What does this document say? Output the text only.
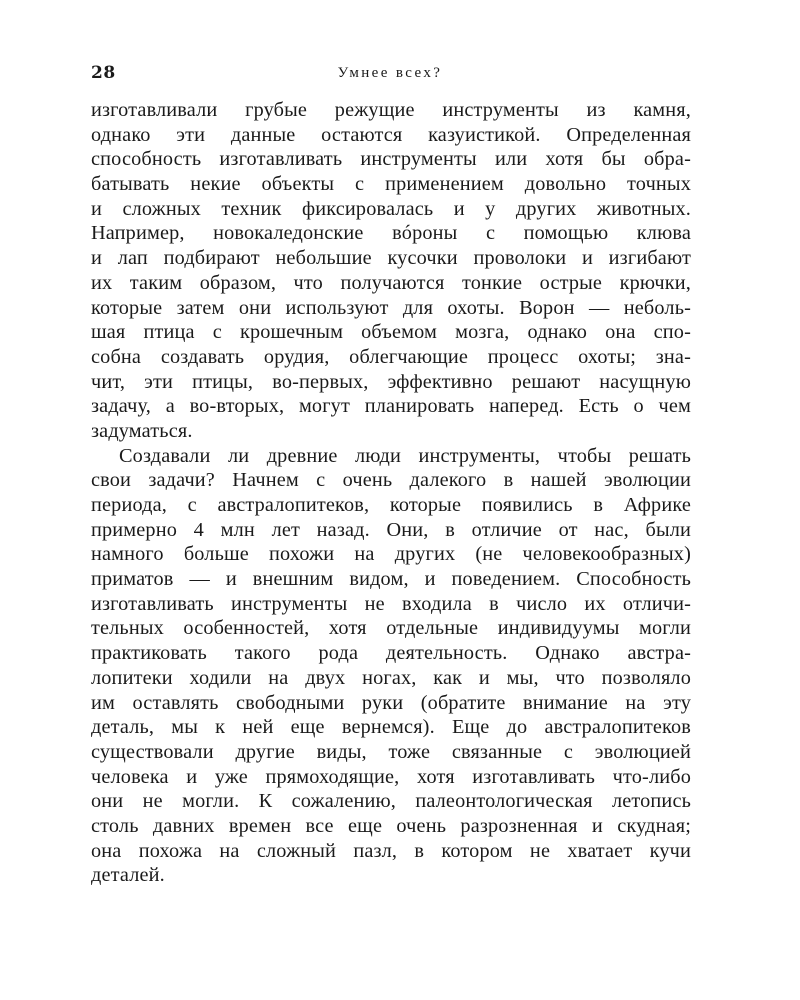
28	Умнее всех?
изготавливали грубые режущие инструменты из камня,
однако эти данные остаются казуистикой. Определенная
способность изготавливать инструменты или хотя бы обра-
батывать некие объекты с применением довольно точных
и сложных техник фиксировалась и у других животных.
Например, новокаледонские вóроны с помощью клюва
и лап подбирают небольшие кусочки проволоки и изгибают
их таким образом, что получаются тонкие острые крючки,
которые затем они используют для охоты. Ворон — неболь-
шая птица с крошечным объемом мозга, однако она спо-
собна создавать орудия, облегчающие процесс охоты; зна-
чит, эти птицы, во-первых, эффективно решают насущную
задачу, а во-вторых, могут планировать наперед. Есть о чем
задуматься.
Создавали ли древние люди инструменты, чтобы решать
свои задачи? Начнем с очень далекого в нашей эволюции
периода, с австралопитеков, которые появились в Африке
примерно 4 млн лет назад. Они, в отличие от нас, были
намного больше похожи на других (не человекообразных)
приматов — и внешним видом, и поведением. Способность
изготавливать инструменты не входила в число их отличи-
тельных особенностей, хотя отдельные индивидуумы могли
практиковать такого рода деятельность. Однако австра-
лопитеки ходили на двух ногах, как и мы, что позволяло
им оставлять свободными руки (обратите внимание на эту
деталь, мы к ней еще вернемся). Еще до австралопитеков
существовали другие виды, тоже связанные с эволюцией
человека и уже прямоходящие, хотя изготавливать что-либо
они не могли. К сожалению, палеонтологическая летопись
столь давних времен все еще очень разрозненная и скудная;
она похожа на сложный пазл, в котором не хватает кучи
деталей.
